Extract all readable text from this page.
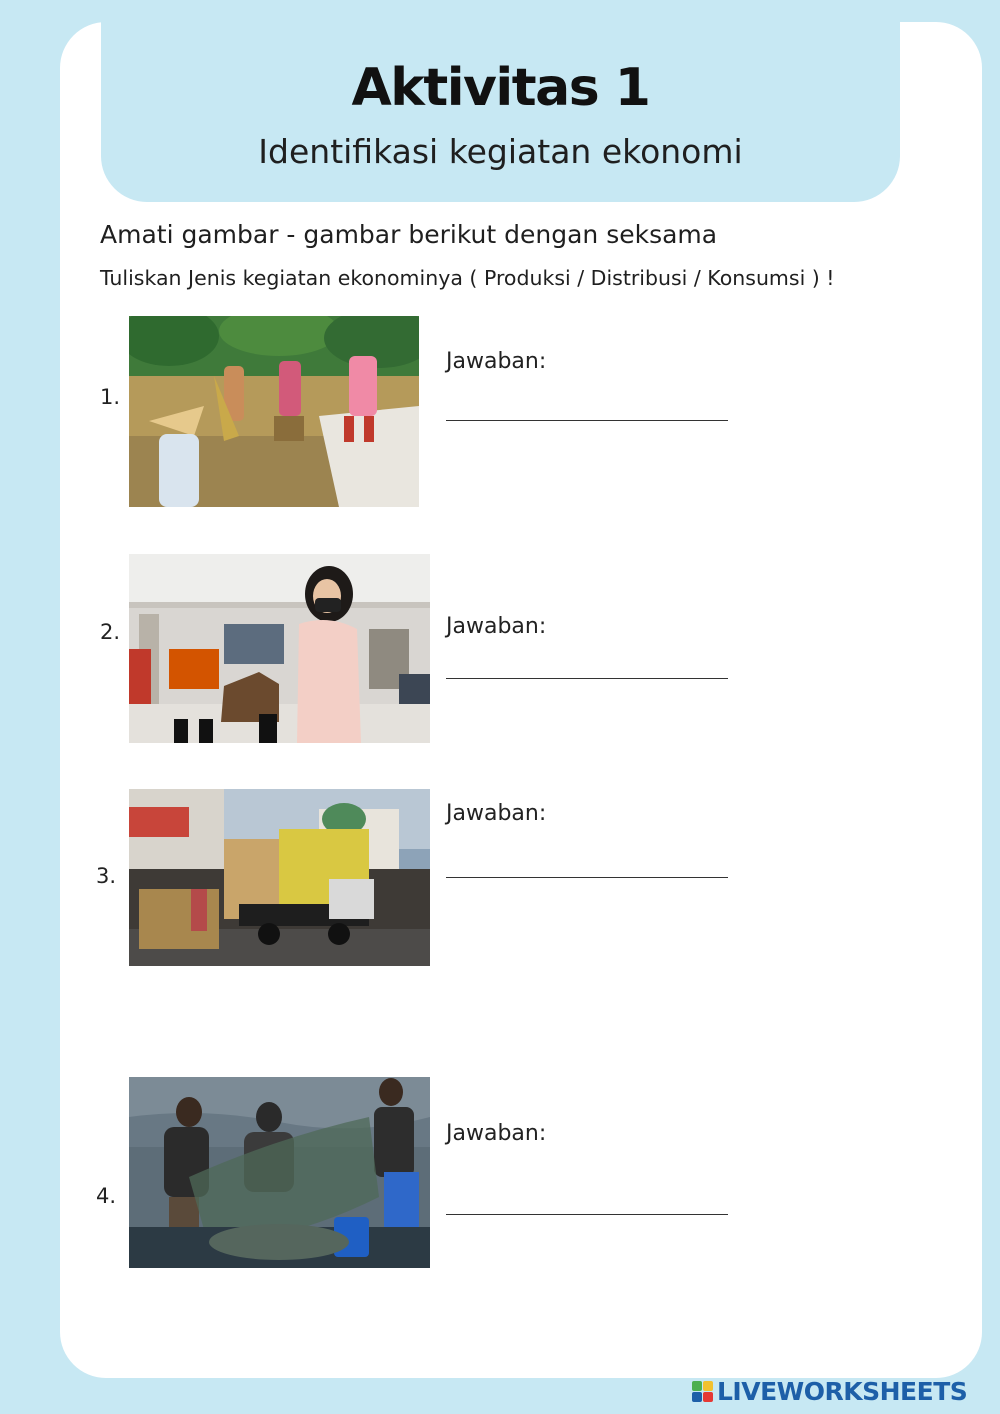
Aktivitas 1
Identifikasi kegiatan ekonomi
Amati gambar - gambar berikut dengan seksama
Tuliskan Jenis kegiatan ekonominya ( Produksi / Distribusi / Konsumsi ) !
1.
Jawaban:
2.	Jawaban:
3.
Jawaban:
4.
Jawaban:
LIVEWORKSHEETS
